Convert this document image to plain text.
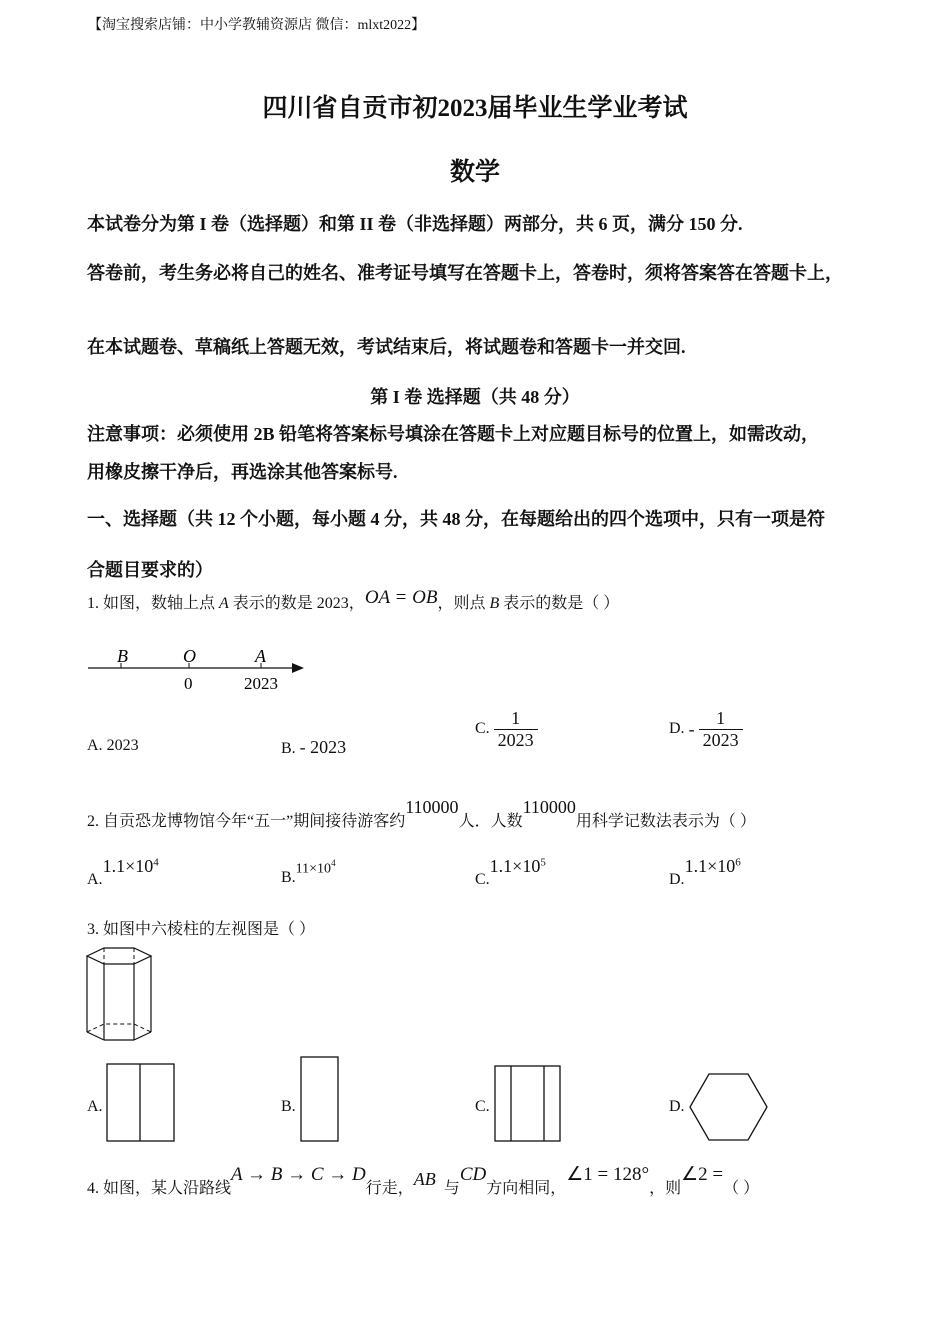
【淘宝搜索店铺：中小学教辅资源店 微信：mlxt2022】
四川省自贡市初2023届毕业生学业考试
数学
本试卷分为第 I 卷（选择题）和第 II 卷（非选择题）两部分，共 6 页，满分 150 分.
答卷前，考生务必将自己的姓名、准考证号填写在答题卡上，答卷时，须将答案答在答题卡上，
在本试题卷、草稿纸上答题无效，考试结束后，将试题卷和答题卡一并交回.
第 I 卷 选择题（共 48 分）
注意事项：必须使用 2B 铅笔将答案标号填涂在答题卡上对应题目标号的位置上，如需改动，
用橡皮擦干净后，再选涂其他答案标号.
一、选择题（共 12 个小题，每小题 4 分，共 48 分，在每题给出的四个选项中，只有一项是符
合题目要求的）
1. 如图，数轴上点 A 表示的数是 2023，OA = OB，则点 B 表示的数是（ ）
B	O	A
0	2023
A. 2023	B. - 2023
C. $\frac{1}{2023}$	D. - $\frac{1}{2023}$
2. 自贡恐龙博物馆今年“五一”期间接待游客约110000人．人数110000用科学记数法表示为（ ）
$A.1.1\times 10^4$
$B.11\times 10^4$
$C.1.1\times 10^5$
$D.1.1\times 10^6$
3. 如图中六棱柱的左视图是（ ）
A.	B.	C.	D.
4. 如图，某人沿路线A → B → C → D行走，AB 与CD方向相同，∠1 = 128°，则∠2 =（ ）
